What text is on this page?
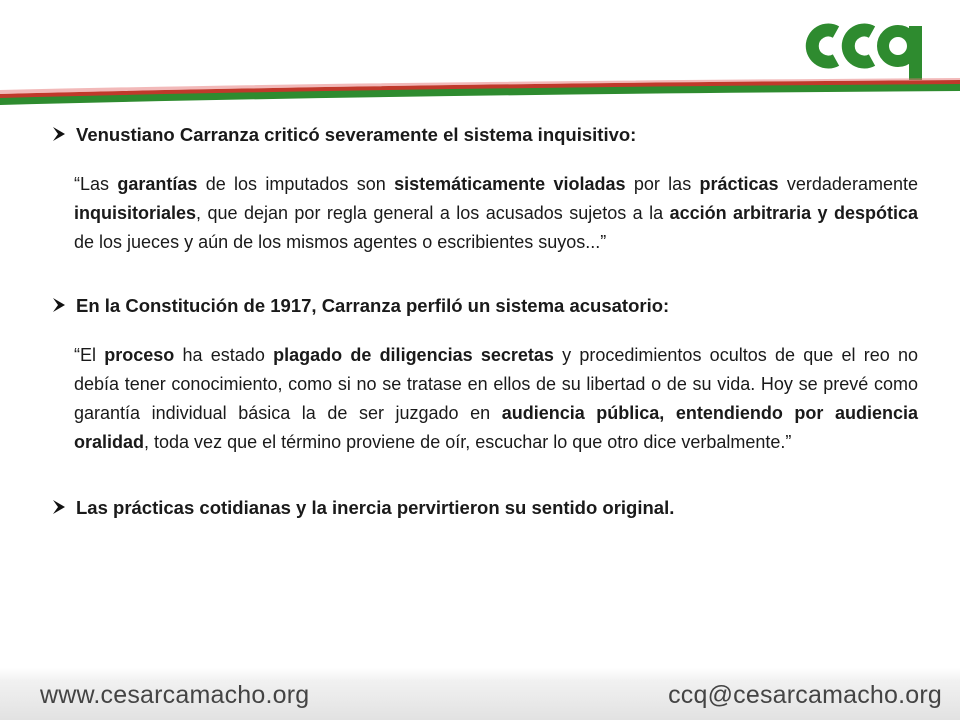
Venustiano Carranza criticó severamente el sistema inquisitivo:
“Las garantías de los imputados son sistemáticamente violadas por las prácticas verdaderamente inquisitoriales, que dejan por regla general a los acusados sujetos a la acción arbitraria y despótica de los jueces y aún de los mismos agentes o escribientes suyos...”
En la Constitución de 1917, Carranza perfiló un sistema acusatorio:
“El proceso ha estado plagado de diligencias secretas y procedimientos ocultos de que el reo no debía tener conocimiento, como si no se tratase en ellos de su libertad o de su vida. Hoy se prevé como garantía individual básica la de ser juzgado en audiencia pública, entendiendo por audiencia oralidad, toda vez que el término proviene de oír, escuchar lo que otro dice verbalmente.”
Las prácticas cotidianas y la inercia pervirtieron su sentido original.
www.cesarcamacho.org	ccq@cesarcamacho.org
